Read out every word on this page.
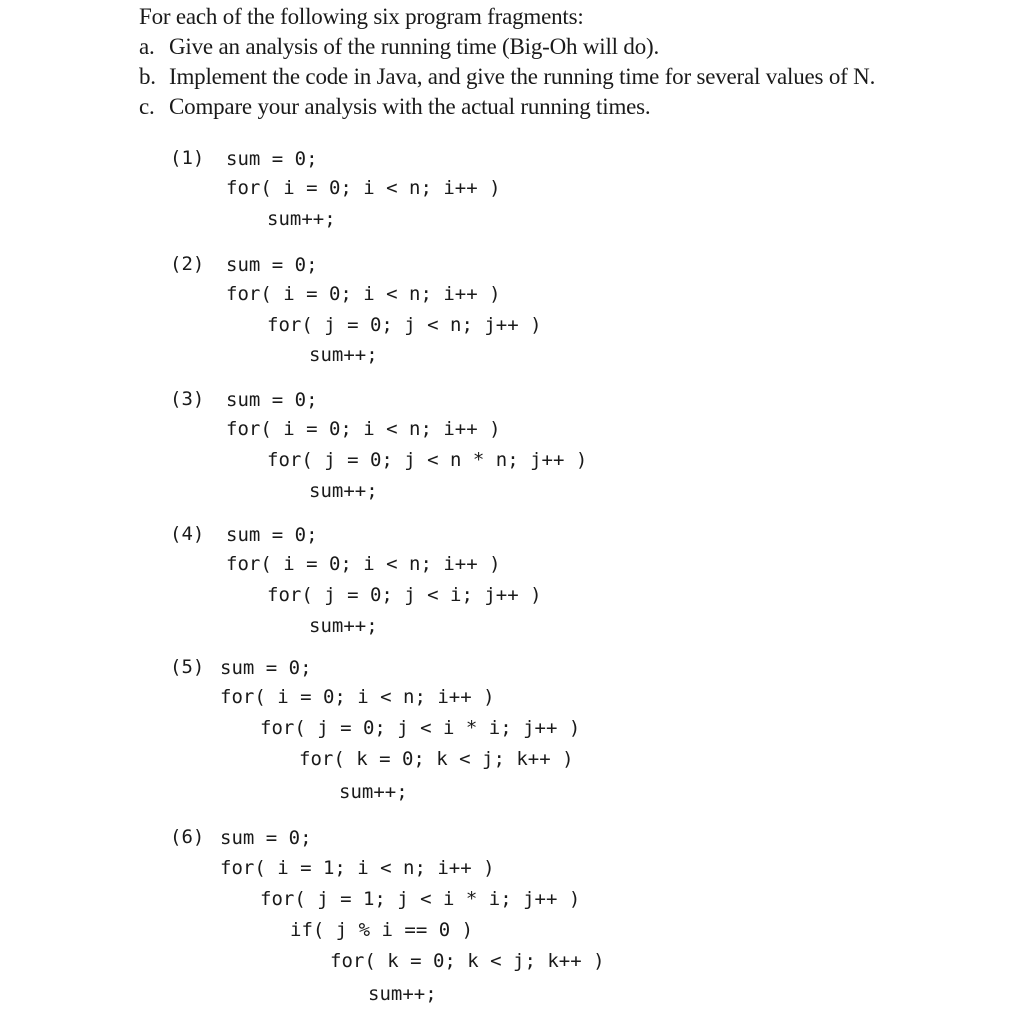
For each of the following six program fragments:
a. Give an analysis of the running time (Big-Oh will do).
b. Implement the code in Java, and give the running time for several values of N.
c. Compare your analysis with the actual running times.
(1) sum = 0;
for( i = 0; i < n; i++ )
sum++;
(2) sum = 0;
for( i = 0; i < n; i++ )
for( j = 0; j < n; j++ )
sum++;
(3) sum = 0;
for( i = 0; i < n; i++ )
for( j = 0; j < n * n; j++ )
sum++;
(4) sum = 0;
for( i = 0; i < n; i++ )
for( j = 0; j < i; j++ )
sum++;
(5) sum = 0;
for( i = 0; i < n; i++ )
for( j = 0; j < i * i; j++ )
for( k = 0; k < j; k++ )
sum++;
(6) sum = 0;
for( i = 1; i < n; i++ )
for( j = 1; j < i * i; j++ )
if( j % i == 0 )
for( k = 0; k < j; k++ )
sum++;
